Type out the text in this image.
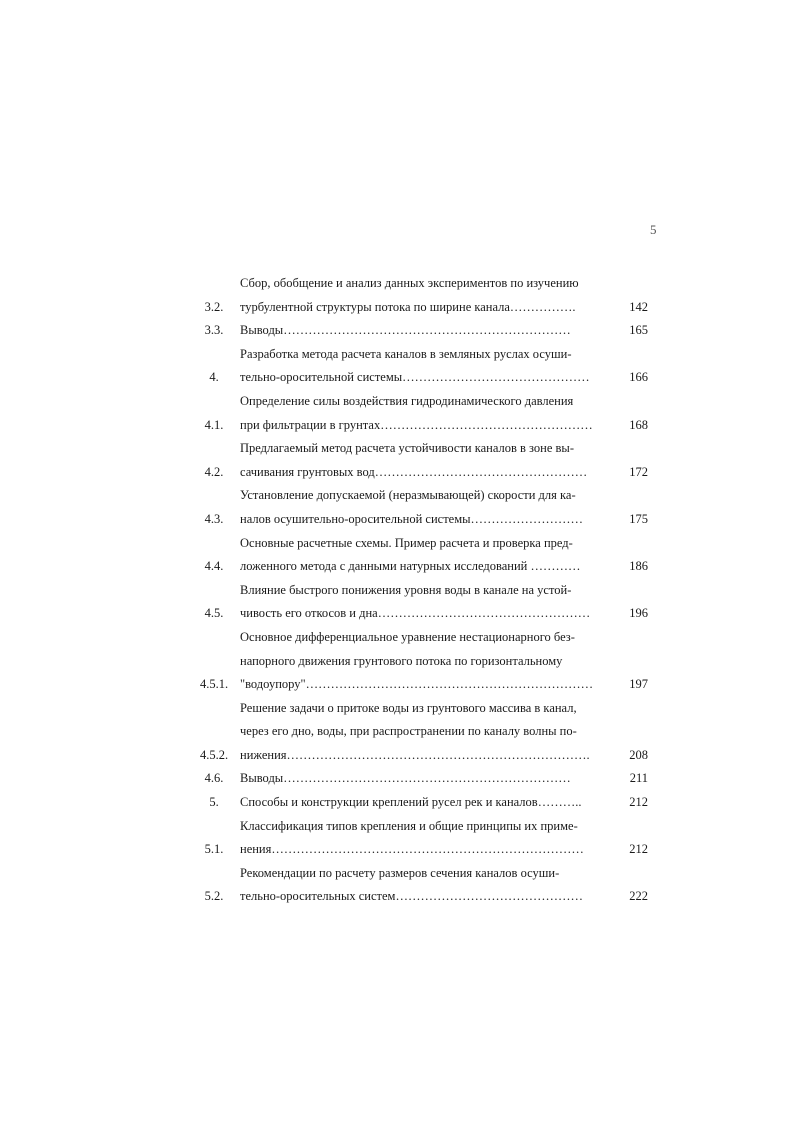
5
3.2.
Сбор, обобщение и анализ данных экспериментов по изучению
турбулентной структуры потока по ширине канала…………….	142
3.3.	Выводы……………………………………………………………	165
4.
Разработка метода расчета каналов в земляных руслах осуши-
тельно-оросительной системы………………………………………	166
4.1.
Определение силы воздействия гидродинамического давления
при фильтрации в грунтах……………………………………………	168
4.2.
Предлагаемый метод расчета устойчивости каналов в зоне вы-
сачивания грунтовых вод……………………………………………	172
4.3.
Установление допускаемой (неразмывающей) скорости для ка-
налов осушительно-оросительной системы………………………	175
4.4.
Основные расчетные схемы. Пример расчета и проверка пред-
ложенного метода с данными натурных исследований …………	186
4.5.
Влияние быстрого понижения уровня воды в канале на устой-
чивость его откосов и дна……………………………………………	196
4.5.1.
Основное дифференциальное уравнение нестационарного без-
напорного движения грунтового потока по горизонтальному
"водоупору"……………………………………………………………	197
4.5.2.
Решение задачи о притоке воды из грунтового массива в канал,
через его дно, воды, при распространении по каналу волны по-
нижения……………………………………………………………….	208
4.6.	Выводы……………………………………………………………	211
5.	Способы и конструкции креплений русел рек и каналов………..	212
5.1.
Классификация типов крепления и общие принципы их приме-
нения…………………………………………………………………	212
5.2.
Рекомендации по расчету размеров сечения каналов осуши-
тельно-оросительных систем………………………………………	222
